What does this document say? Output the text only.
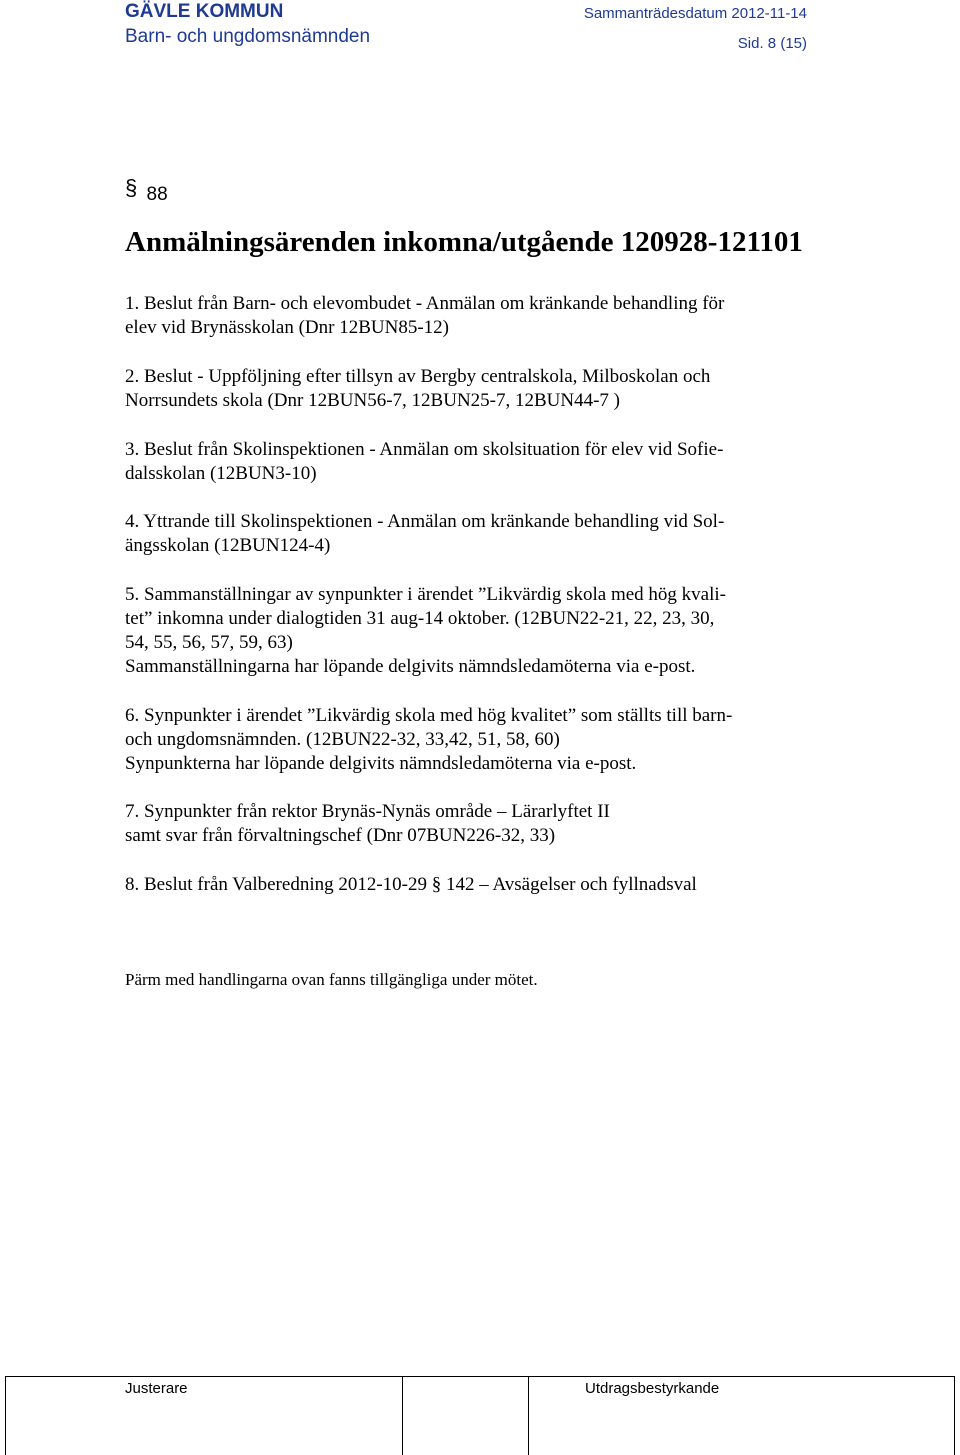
GÄVLE KOMMUN
Barn- och ungdomsnämnden
Sammanträdesdatum 2012-11-14
Sid. 8 (15)
§ 88
Anmälningsärenden inkomna/utgående 120928-121101
1. Beslut från Barn- och elevombudet - Anmälan om kränkande behandling för
elev vid Brynässkolan (Dnr 12BUN85-12)
2. Beslut - Uppföljning efter tillsyn av Bergby centralskola, Milboskolan och
Norrsundets skola (Dnr 12BUN56-7, 12BUN25-7, 12BUN44-7 )
3. Beslut från Skolinspektionen - Anmälan om skolsituation för elev vid Sofie-
dalsskolan (12BUN3-10)
4. Yttrande till Skolinspektionen - Anmälan om kränkande behandling vid Sol-
ängsskolan (12BUN124-4)
5. Sammanställningar av synpunkter i ärendet ”Likvärdig skola med hög kvali-
tet” inkomna under dialogtiden 31 aug-14 oktober. (12BUN22-21, 22, 23, 30,
54, 55, 56, 57, 59, 63)
Sammanställningarna har löpande delgivits nämndsledamöterna via e-post.
6. Synpunkter i ärendet ”Likvärdig skola med hög kvalitet” som ställts till barn-
och ungdomsnämnden. (12BUN22-32, 33,42, 51, 58, 60)
Synpunkterna har löpande delgivits nämndsledamöterna via e-post.
7. Synpunkter från rektor Brynäs-Nynäs område – Lärarlyftet II
samt svar från förvaltningschef (Dnr 07BUN226-32, 33)
8. Beslut från Valberedning 2012-10-29 § 142 – Avsägelser och fyllnadsval
Pärm med handlingarna ovan fanns tillgängliga under mötet.
Justerare	Utdragsbestyrkande
